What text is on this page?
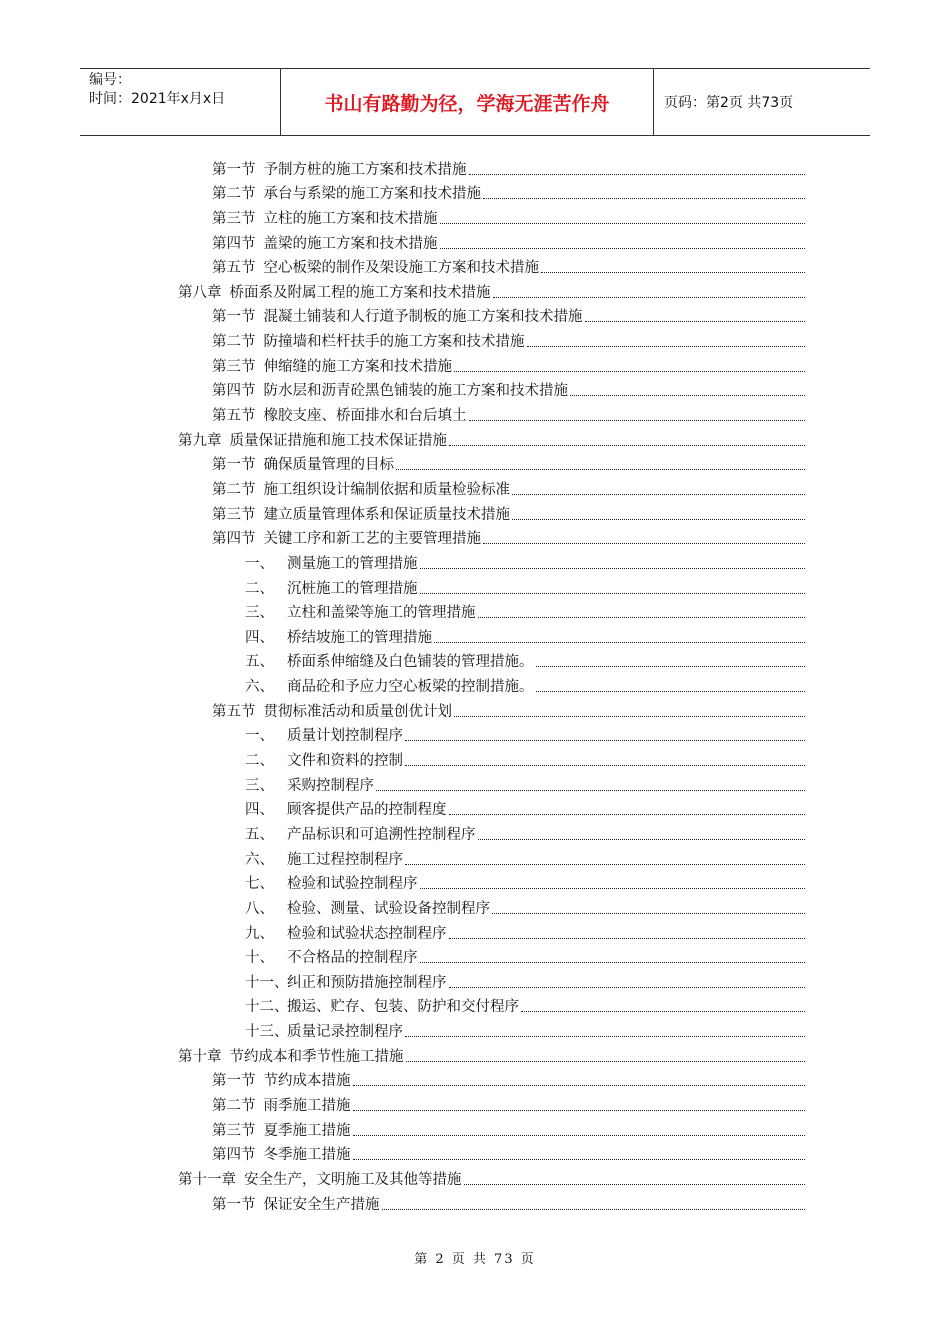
编号：
时间：2021年x月x日	书山有路勤为径，学海无涯苦作舟	页码：第2页 共73页
第一节 予制方桩的施工方案和技术措施
第二节 承台与系梁的施工方案和技术措施
第三节 立柱的施工方案和技术措施
第四节 盖梁的施工方案和技术措施
第五节 空心板梁的制作及架设施工方案和技术措施
第八章 桥面系及附属工程的施工方案和技术措施
第一节 混凝土铺装和人行道予制板的施工方案和技术措施
第二节 防撞墙和栏杆扶手的施工方案和技术措施
第三节 伸缩缝的施工方案和技术措施
第四节 防水层和沥青砼黑色铺装的施工方案和技术措施
第五节 橡胶支座、桥面排水和台后填土
第九章 质量保证措施和施工技术保证措施
第一节 确保质量管理的目标
第二节 施工组织设计编制依据和质量检验标准
第三节 建立质量管理体系和保证质量技术措施
第四节 关键工序和新工艺的主要管理措施
一、 测量施工的管理措施
二、 沉桩施工的管理措施
三、 立柱和盖梁等施工的管理措施
四、 桥结坡施工的管理措施
五、 桥面系伸缩缝及白色铺装的管理措施。
六、 商品砼和予应力空心板梁的控制措施。
第五节 贯彻标准活动和质量创优计划
一、 质量计划控制程序
二、 文件和资料的控制
三、 采购控制程序
四、 顾客提供产品的控制程度
五、 产品标识和可追溯性控制程序
六、 施工过程控制程序
七、 检验和试验控制程序
八、 检验、测量、试验设备控制程序
九、 检验和试验状态控制程序
十、 不合格品的控制程序
十一、
纠正和预防措施控制程序
十二、
搬运、贮存、包装、防护和交付程序
十三、
质量记录控制程序
第十章 节约成本和季节性施工措施
第一节 节约成本措施
第二节 雨季施工措施
第三节 夏季施工措施
第四节 冬季施工措施
第十一章 安全生产，文明施工及其他等措施
第一节 保证安全生产措施
第 2 页 共 73 页
